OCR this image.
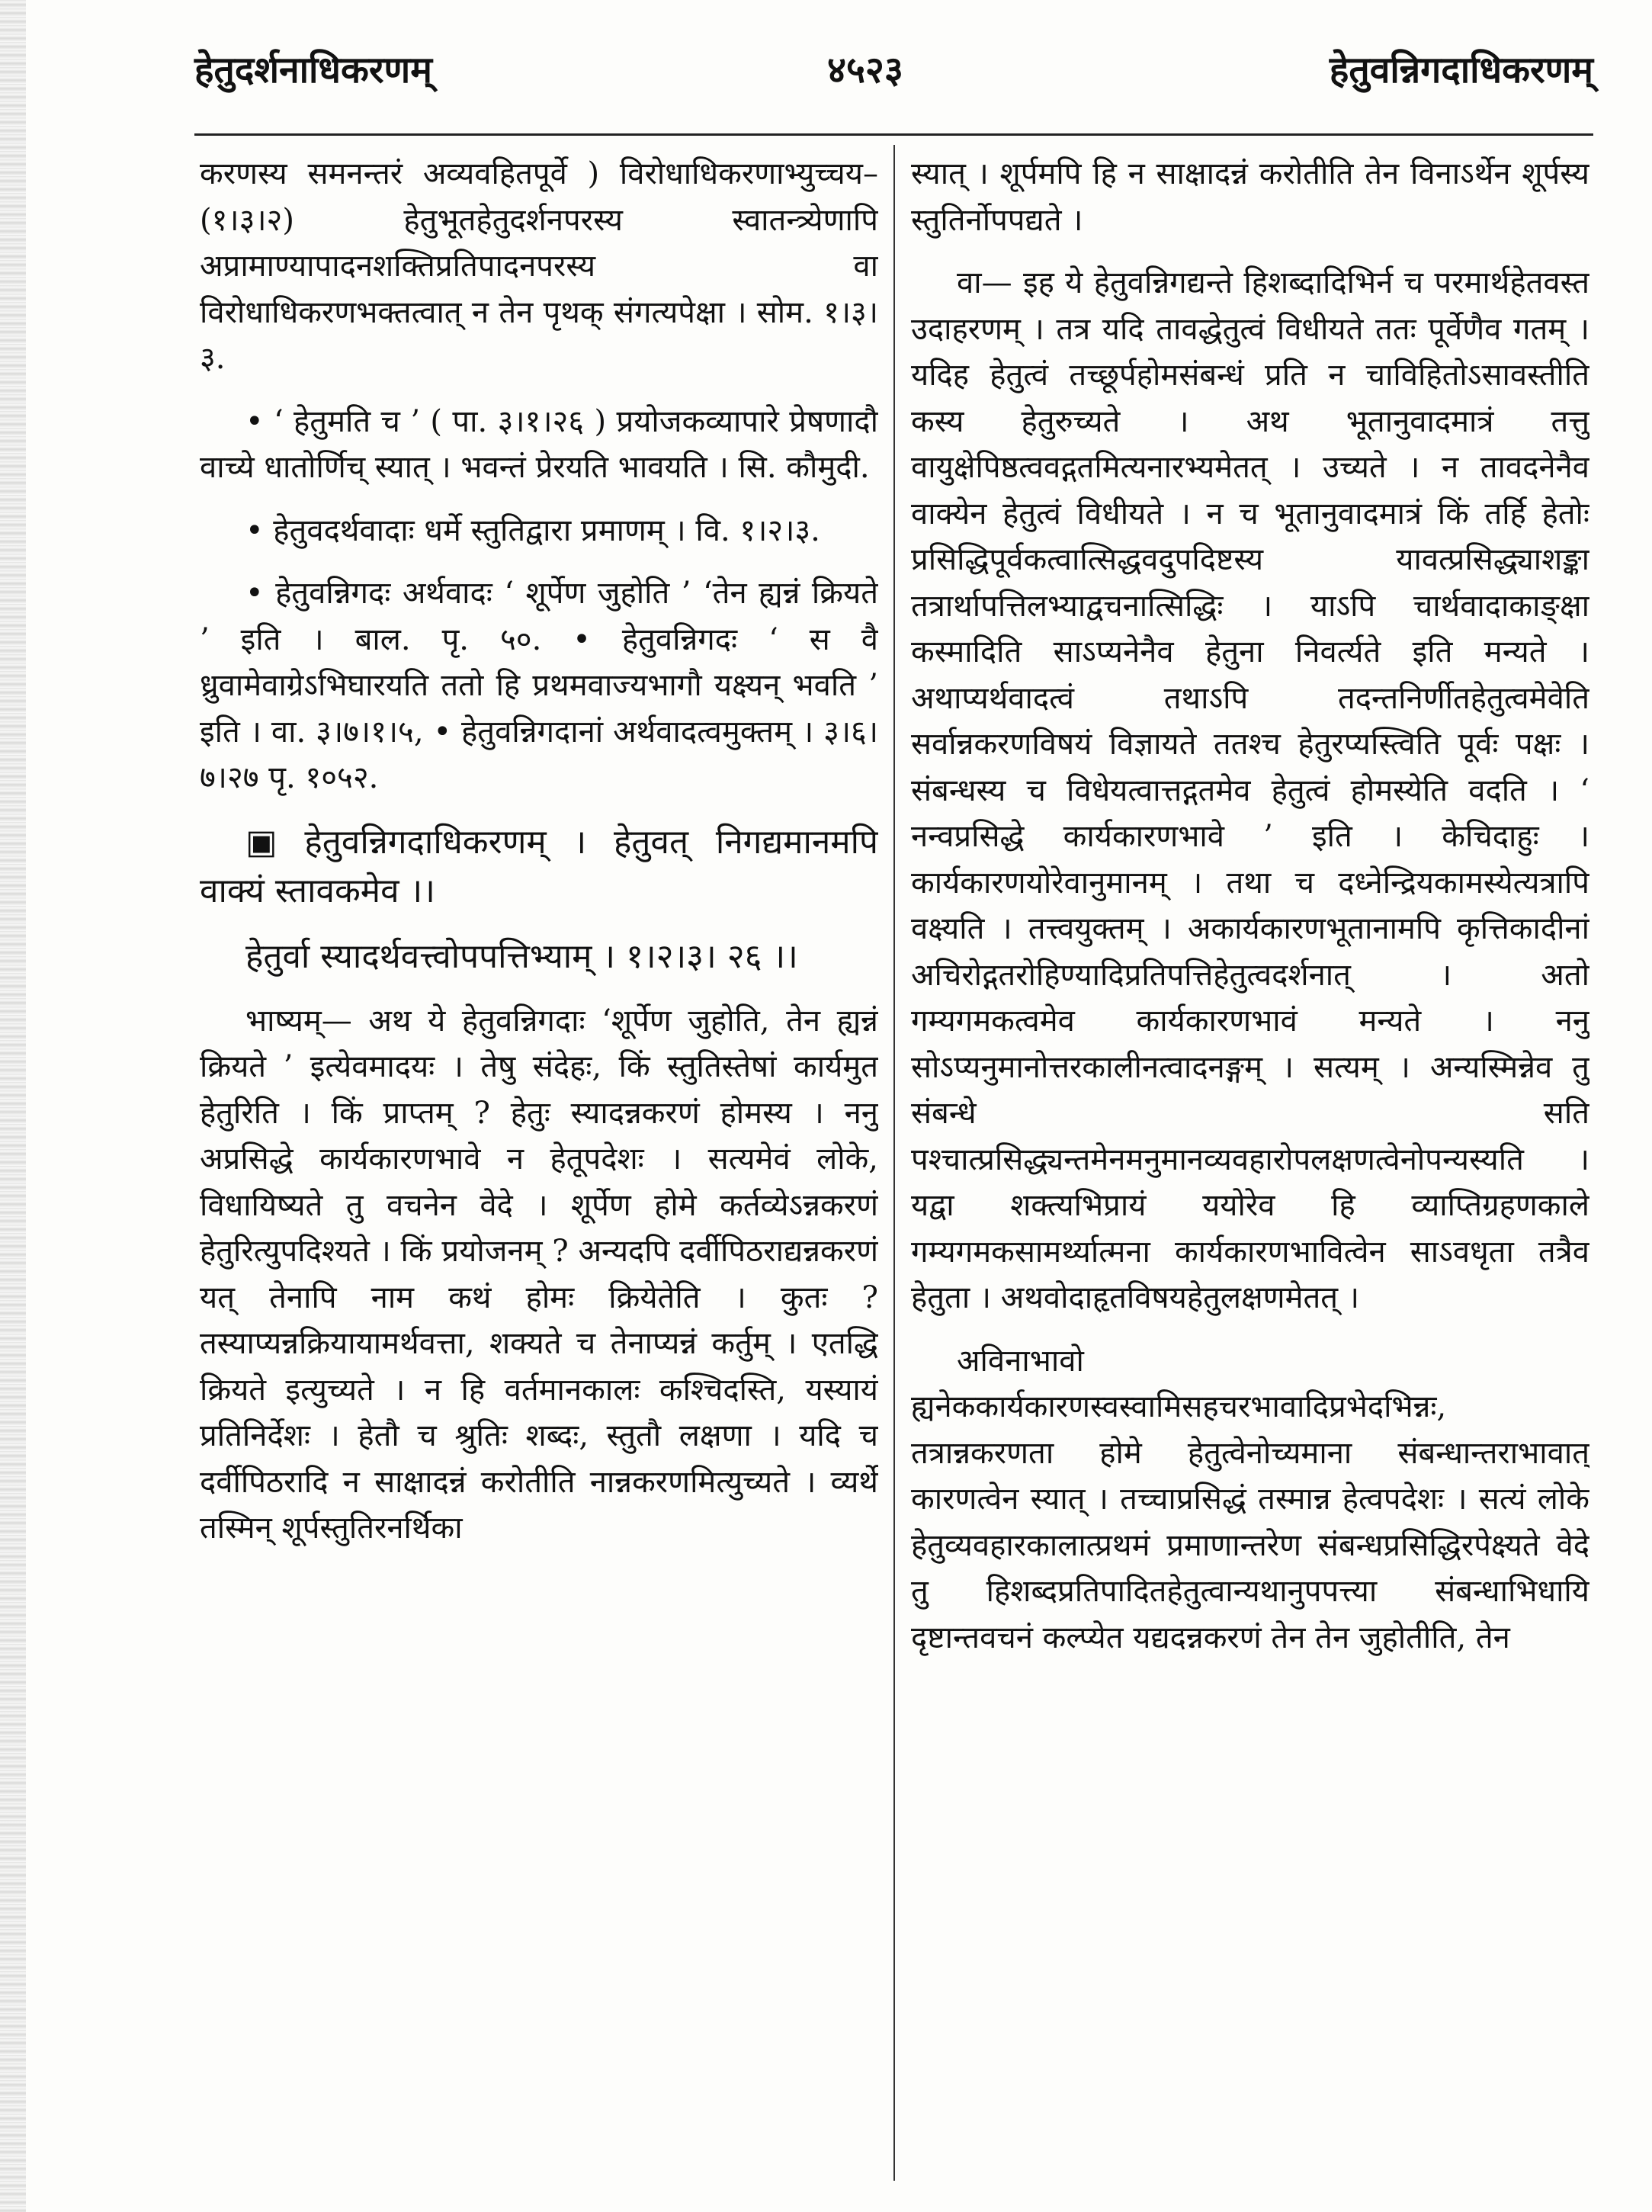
हेतुदर्शनाधिकरणम्	४५२३	हेतुवन्निगदाधिकरणम्

करणस्य समनन्तरं अव्यवहितपूर्वे ) विरोधाधिकरणाभ्युच्चय– (१।३।२) हेतुभूतहेतुदर्शनपरस्य स्वातन्त्र्येणापि अप्रामाण्यापादनशक्तिप्रतिपादनपरस्य वा विरोधाधिकरणभक्तत्वात् न तेन पृथक् संगत्यपेक्षा । सोम. १।३।३.

• ‘ हेतुमति च ’ ( पा. ३।१।२६ ) प्रयोजकव्यापारे प्रेषणादौ वाच्ये धातोर्णिच् स्यात् । भवन्तं प्रेरयति भावयति । सि. कौमुदी.

• हेतुवदर्थवादाः धर्मे स्तुतिद्वारा प्रमाणम् । वि. १।२।३.

• हेतुवन्निगदः अर्थवादः ‘ शूर्पेण जुहोति ’ ‘तेन ह्यन्नं क्रियते ’ इति । बाल. पृ. ५०. • हेतुवन्निगदः ‘ स वै ध्रुवामेवाग्रेऽभिघारयति ततो हि प्रथमवाज्यभागौ यक्ष्यन् भवति ’ इति । वा. ३।७।१।५, • हेतुवन्निगदानां अर्थवादत्वमुक्तम् । ३।६।७।२७ पृ. १०५२.

▣ हेतुवन्निगदाधिकरणम् । हेतुवत् निगद्यमानमपि वाक्यं स्तावकमेव ।।

हेतुर्वा स्यादर्थवत्त्वोपपत्तिभ्याम् । १।२।३। २६ ।।

भाष्यम्— अथ ये हेतुवन्निगदाः ‘शूर्पेण जुहोति, तेन ह्यन्नं क्रियते ’ इत्येवमादयः । तेषु संदेहः, किं स्तुतिस्तेषां कार्यमुत हेतुरिति । किं प्राप्तम् ? हेतुः स्यादन्नकरणं होमस्य । ननु अप्रसिद्धे कार्यकारणभावे न हेतूपदेशः । सत्यमेवं लोके, विधायिष्यते तु वचनेन वेदे । शूर्पेण होमे कर्तव्येऽन्नकरणं हेतुरित्युपदिश्यते । किं प्रयोजनम् ? अन्यदपि दर्वीपिठराद्यन्नकरणं यत् तेनापि नाम कथं होमः क्रियेतेति । कुतः ? तस्याप्यन्नक्रियायामर्थवत्ता, शक्यते च तेनाप्यन्नं कर्तुम् । एतद्धि क्रियते इत्युच्यते । न हि वर्तमानकालः कश्चिदस्ति, यस्यायं प्रतिनिर्देशः । हेतौ च श्रुतिः शब्दः, स्तुतौ लक्षणा । यदि च दर्वीपिठरादि न साक्षादन्नं करोतीति नान्नकरणमित्युच्यते । व्यर्थे तस्मिन् शूर्पस्तुतिरनर्थिका

स्यात् । शूर्पमपि हि न साक्षादन्नं करोतीति तेन विनाऽर्थेन शूर्पस्य स्तुतिर्नोपपद्यते ।

वा— इह ये हेतुवन्निगद्यन्ते हिशब्दादिभिर्न च परमार्थहेतवस्त उदाहरणम् । तत्र यदि तावद्धेतुत्वं विधीयते ततः पूर्वेणैव गतम् । यदिह हेतुत्वं तच्छूर्पहोमसंबन्धं प्रति न चाविहितोऽसावस्तीति कस्य हेतुरुच्यते । अथ भूतानुवादमात्रं तत्तु वायुक्षेपिष्ठत्ववद्गतमित्यनारभ्यमेतत् । उच्यते । न तावदनेनैव वाक्येन हेतुत्वं विधीयते । न च भूतानुवादमात्रं किं तर्हि हेतोः प्रसिद्धिपूर्वकत्वात्सिद्धवदुपदिष्टस्य यावत्प्रसिद्ध्याशङ्का तत्रार्थापत्तिलभ्याद्वचनात्सिद्धिः । याऽपि चार्थवादाकाङ्क्षा कस्मादिति साऽप्यनेनैव हेतुना निवर्त्यते इति मन्यते । अथाप्यर्थवादत्वं तथाऽपि तदन्तनिर्णीतहेतुत्वमेवेति सर्वान्नकरणविषयं विज्ञायते ततश्च हेतुरप्यस्त्विति पूर्वः पक्षः । संबन्धस्य च विधेयत्वात्तद्गतमेव हेतुत्वं होमस्येति वदति । ‘ नन्वप्रसिद्धे कार्यकारणभावे ’ इति । केचिदाहुः । कार्यकारणयोरेवानुमानम् । तथा च दध्नेन्द्रियकामस्येत्यत्रापि वक्ष्यति । तत्त्वयुक्तम् । अकार्यकारणभूतानामपि कृत्तिकादीनां अचिरोद्गतरोहिण्यादिप्रतिपत्तिहेतुत्वदर्शनात् । अतो गम्यगमकत्वमेव कार्यकारणभावं मन्यते । ननु सोऽप्यनुमानोत्तरकालीनत्वादनङ्गम् । सत्यम् । अन्यस्मिन्नेव तु संबन्धे सति पश्चात्प्रसिद्ध्यन्तमेनमनुमानव्यवहारोपलक्षणत्वेनोपन्यस्यति । यद्वा शक्त्यभिप्रायं ययोरेव हि व्याप्तिग्रहणकाले गम्यगमकसामर्थ्यात्मना कार्यकारणभावित्वेन साऽवधृता तत्रैव हेतुता । अथवोदाहृतविषयहेतुलक्षणमेतत् ।

अविनाभावो ह्यनेककार्यकारणस्वस्वामिसहचरभावादिप्रभेदभिन्नः, तत्रान्नकरणता होमे हेतुत्वेनोच्यमाना संबन्धान्तराभावात् कारणत्वेन स्यात् । तच्चाप्रसिद्धं तस्मान्न हेत्वपदेशः । सत्यं लोके हेतुव्यवहारकालात्प्रथमं प्रमाणान्तरेण संबन्धप्रसिद्धिरपेक्ष्यते वेदे तु हिशब्दप्रतिपादितहेतुत्वान्यथानुपपत्त्या संबन्धाभिधायि दृष्टान्तवचनं कल्प्येत यद्यदन्नकरणं तेन तेन जुहोतीति, तेन
